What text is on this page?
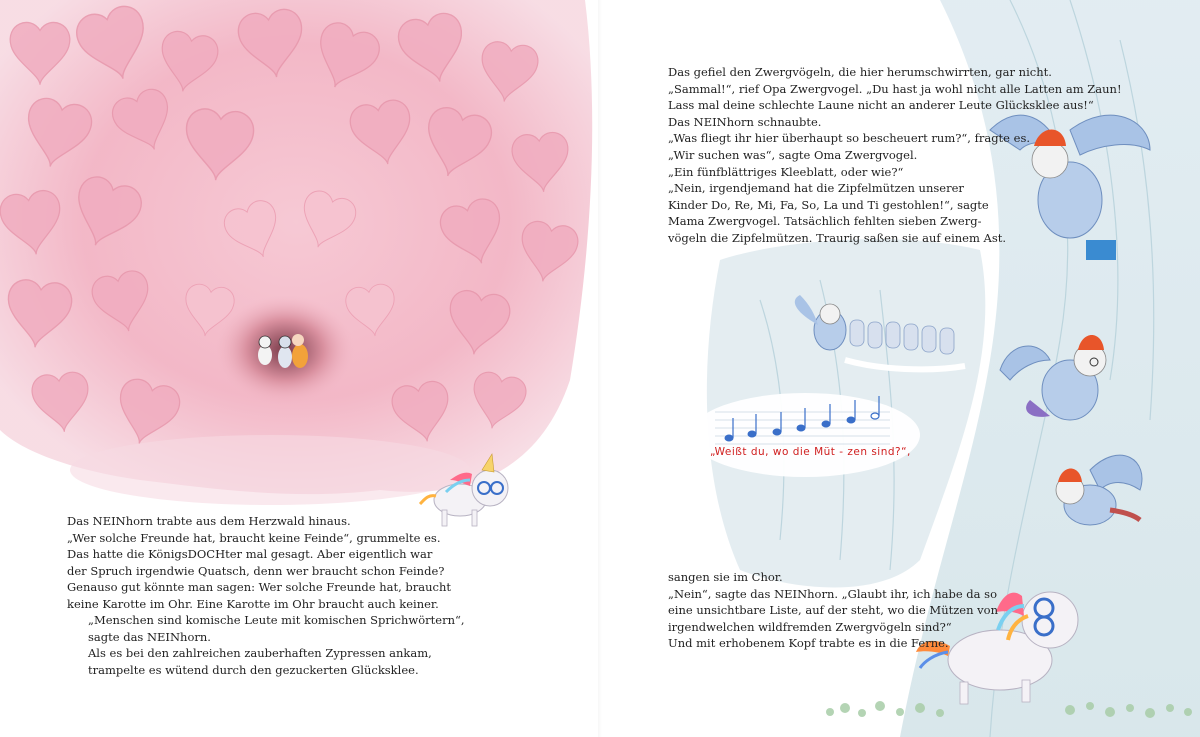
Das gefiel den Zwergvögeln, die hier herumschwirrten, gar nicht.

„Sammal!“, rief Opa Zwergvogel. „Du hast ja wohl nicht alle Latten am Zaun!

Lass mal deine schlechte Laune nicht an anderer Leute Glücksklee aus!“

Das NEINhorn schnaubte.

„Was fliegt ihr hier überhaupt so bescheuert rum?“, fragte es.

„Wir suchen was“, sagte Oma Zwergvogel.

„Ein fünfblättriges Kleeblatt, oder wie?“

„Nein, irgendjemand hat die Zipfelmützen unserer

Kinder Do, Re, Mi, Fa, So, La und Ti gestohlen!“, sagte

Mama Zwergvogel. Tatsächlich fehlten sieben Zwerg-

vögeln die Zipfelmützen. Traurig saßen sie auf einem Ast.

„Weißt du, wo die Müt - zen sind?“,

Das NEINhorn trabte aus dem Herzwald hinaus.

„Wer solche Freunde hat, braucht keine Feinde“, grummelte es.

Das hatte die KönigsDOCHter mal gesagt. Aber eigentlich war

der Spruch irgendwie Quatsch, denn wer braucht schon Feinde?

Genauso gut könnte man sagen: Wer solche Freunde hat, braucht

keine Karotte im Ohr. Eine Karotte im Ohr braucht auch keiner.

„Menschen sind komische Leute mit komischen Sprichwörtern“,

sagte das NEINhorn.

Als es bei den zahlreichen zauberhaften Zypressen ankam,

trampelte es wütend durch den gezuckerten Glücksklee.

sangen sie im Chor.

„Nein“, sagte das NEINhorn. „Glaubt ihr, ich habe da so

eine unsichtbare Liste, auf der steht, wo die Mützen von

irgendwelchen wildfremden Zwergvögeln sind?“

Und mit erhobenem Kopf trabte es in die Ferne.
